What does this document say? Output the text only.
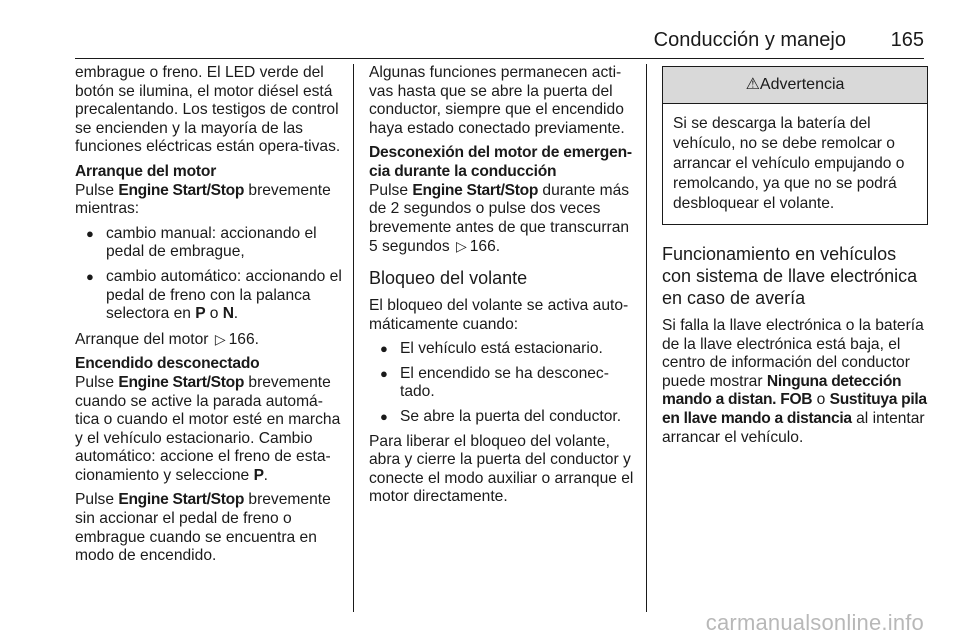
Conducción y manejo 165

embrague o freno. El LED verde del botón se ilumina, el motor diésel está precalentando. Los testigos de control se encienden y la mayoría de las funciones eléctricas están opera-tivas.

Arranque del motor

Pulse Engine Start/Stop brevemente mientras:

● cambio manual: accionando el pedal de embrague,
● cambio automático: accionando el pedal de freno con la palanca selectora en P o N.

Arranque del motor ▷ 166.

Encendido desconectado

Pulse Engine Start/Stop brevemente cuando se active la parada automá-tica o cuando el motor esté en marcha y el vehículo estacionario. Cambio automático: accione el freno de esta-cionamiento y seleccione P.

Pulse Engine Start/Stop brevemente sin accionar el pedal de freno o embrague cuando se encuentra en modo de encendido.

Algunas funciones permanecen acti-vas hasta que se abre la puerta del conductor, siempre que el encendido haya estado conectado previamente.

Desconexión del motor de emergen-cia durante la conducción

Pulse Engine Start/Stop durante más de 2 segundos o pulse dos veces brevemente antes de que transcurran 5 segundos ▷ 166.

Bloqueo del volante

El bloqueo del volante se activa auto-máticamente cuando:

● El vehículo está estacionario.
● El encendido se ha desconec-tado.
● Se abre la puerta del conductor.

Para liberar el bloqueo del volante, abra y cierre la puerta del conductor y conecte el modo auxiliar o arranque el motor directamente.

⚠Advertencia
Si se descarga la batería del vehículo, no se debe remolcar o arrancar el vehículo empujando o remolcando, ya que no se podrá desbloquear el volante.
Funcionamiento en vehículos con sistema de llave electrónica en caso de avería

Si falla la llave electrónica o la batería de la llave electrónica está baja, el centro de información del conductor puede mostrar Ninguna detección mando a distan. FOB o Sustituya pila en llave mando a distancia al intentar arrancar el vehículo.

carmanualsonline.info
